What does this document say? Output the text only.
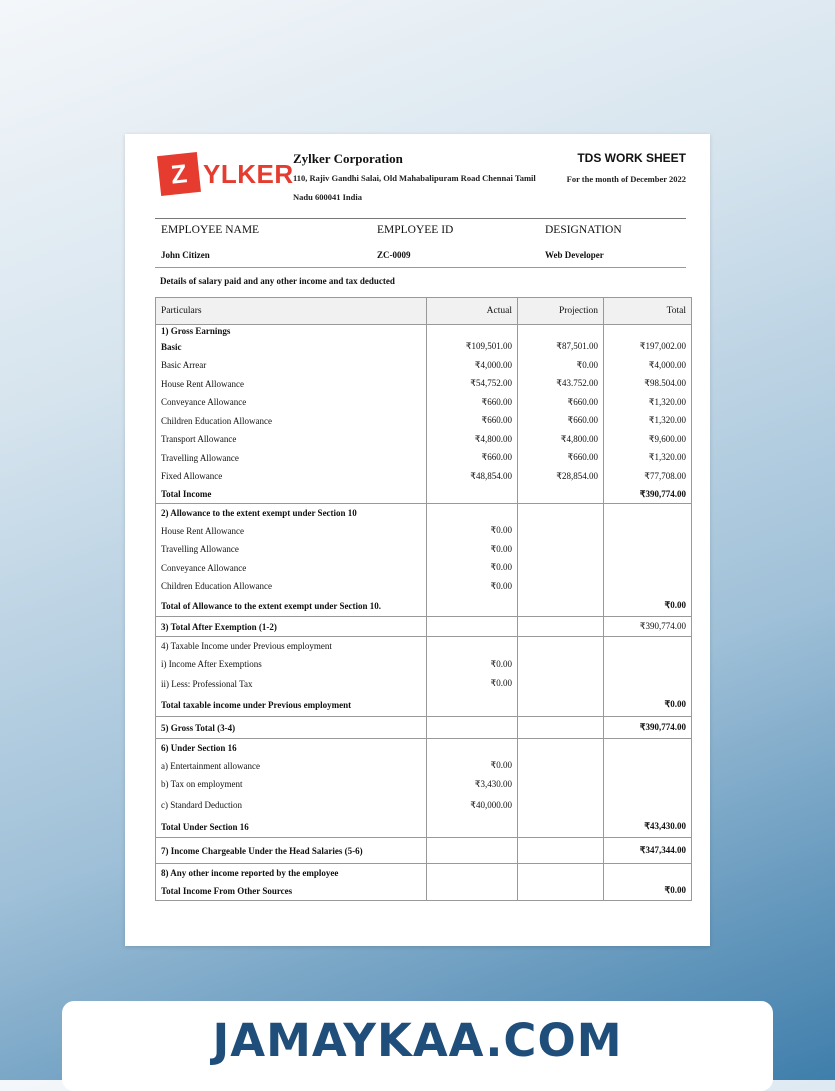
Z YLKER Zylker Corporation
110, Rajiv Gandhi Salai, Old Mahabalipuram Road Chennai Tamil Nadu 600041 India
TDS WORK SHEET
For the month of December 2022
EMPLOYEE NAME	EMPLOYEE ID	DESIGNATION
John Citizen	ZC-0009	Web Developer
Details of salary paid and any other income and tax deducted
Particulars	Actual	Projection	Total
1) Gross Earnings			
Basic	₹109,501.00	₹87,501.00	₹197,002.00
Basic Arrear	₹4,000.00	₹0.00	₹4,000.00
House Rent Allowance	₹54,752.00	₹43.752.00	₹98.504.00
Conveyance Allowance	₹660.00	₹660.00	₹1,320.00
Children Education Allowance	₹660.00	₹660.00	₹1,320.00
Transport Allowance	₹4,800.00	₹4,800.00	₹9,600.00
Travelling Allowance	₹660.00	₹660.00	₹1,320.00
Fixed Allowance	₹48,854.00	₹28,854.00	₹77,708.00
Total Income			₹390,774.00
2) Allowance to the extent exempt under Section 10			
House Rent Allowance	₹0.00		
Travelling Allowance	₹0.00		
Conveyance Allowance	₹0.00		
Children Education Allowance	₹0.00		
Total of Allowance to the extent exempt under Section 10.			₹0.00
3) Total After Exemption (1-2)			₹390,774.00
4) Taxable Income under Previous employment			
i) Income After Exemptions	₹0.00		
ii) Less: Professional Tax	₹0.00		
Total taxable income under Previous employment			₹0.00
5) Gross Total (3-4)			₹390,774.00
6) Under Section 16			
a) Entertainment allowance	₹0.00		
b) Tax on employment	₹3,430.00		
c) Standard Deduction	₹40,000.00		
Total Under Section 16			₹43,430.00
7) Income Chargeable Under the Head Salaries (5-6)			₹347,344.00
8) Any other income reported by the employee			
Total Income From Other Sources			₹0.00
JAMAYKAA.COM
